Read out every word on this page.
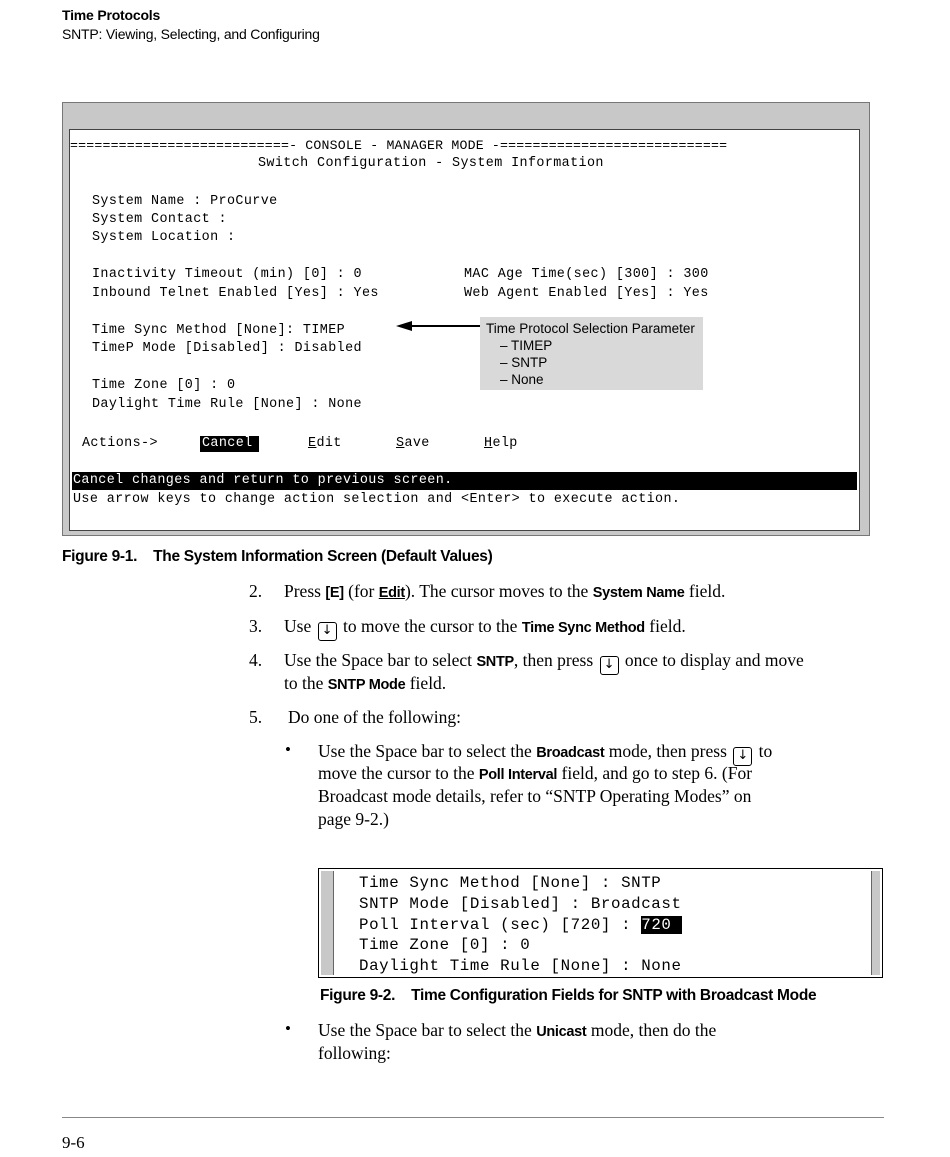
Time Protocols
SNTP: Viewing, Selecting, and Configuring
===========================- CONSOLE - MANAGER MODE -============================
Switch Configuration - System Information
System Name : ProCurve
System Contact :
System Location :
Inactivity Timeout (min) [0] : 0	MAC Age Time(sec) [300] : 300
Inbound Telnet Enabled [Yes] : Yes	Web Agent Enabled [Yes] : Yes
Time Sync Method [None]: TIMEP
TimeP Mode [Disabled] : Disabled
Time Zone [0] : 0
Daylight Time Rule [None] : None
Actions->	Cancel	Edit	Save	Help
Cancel changes and return to previous screen.
Use arrow keys to change action selection and <Enter> to execute action.
Time Protocol Selection Parameter
– TIMEP
– SNTP
– None
Figure 9-1.    The System Information Screen (Default Values)
2. Press [E] (for Edit). The cursor moves to the System Name field.
3. Use ↓ to move the cursor to the Time Sync Method field.
4. Use the Space bar to select SNTP, then press ↓ once to display and move
to the SNTP Mode field.
5. Do one of the following:
• Use the Space bar to select the Broadcast mode, then press ↓ to
move the cursor to the Poll Interval field, and go to step 6. (For
Broadcast mode details, refer to “SNTP Operating Modes” on
page 9-2.)
Time Sync Method [None] : SNTP
SNTP Mode [Disabled] : Broadcast
Poll Interval (sec) [720] : 720
Time Zone [0] : 0
Daylight Time Rule [None] : None
Figure 9-2.    Time Configuration Fields for SNTP with Broadcast Mode
• Use the Space bar to select the Unicast mode, then do the
following:
9-6
